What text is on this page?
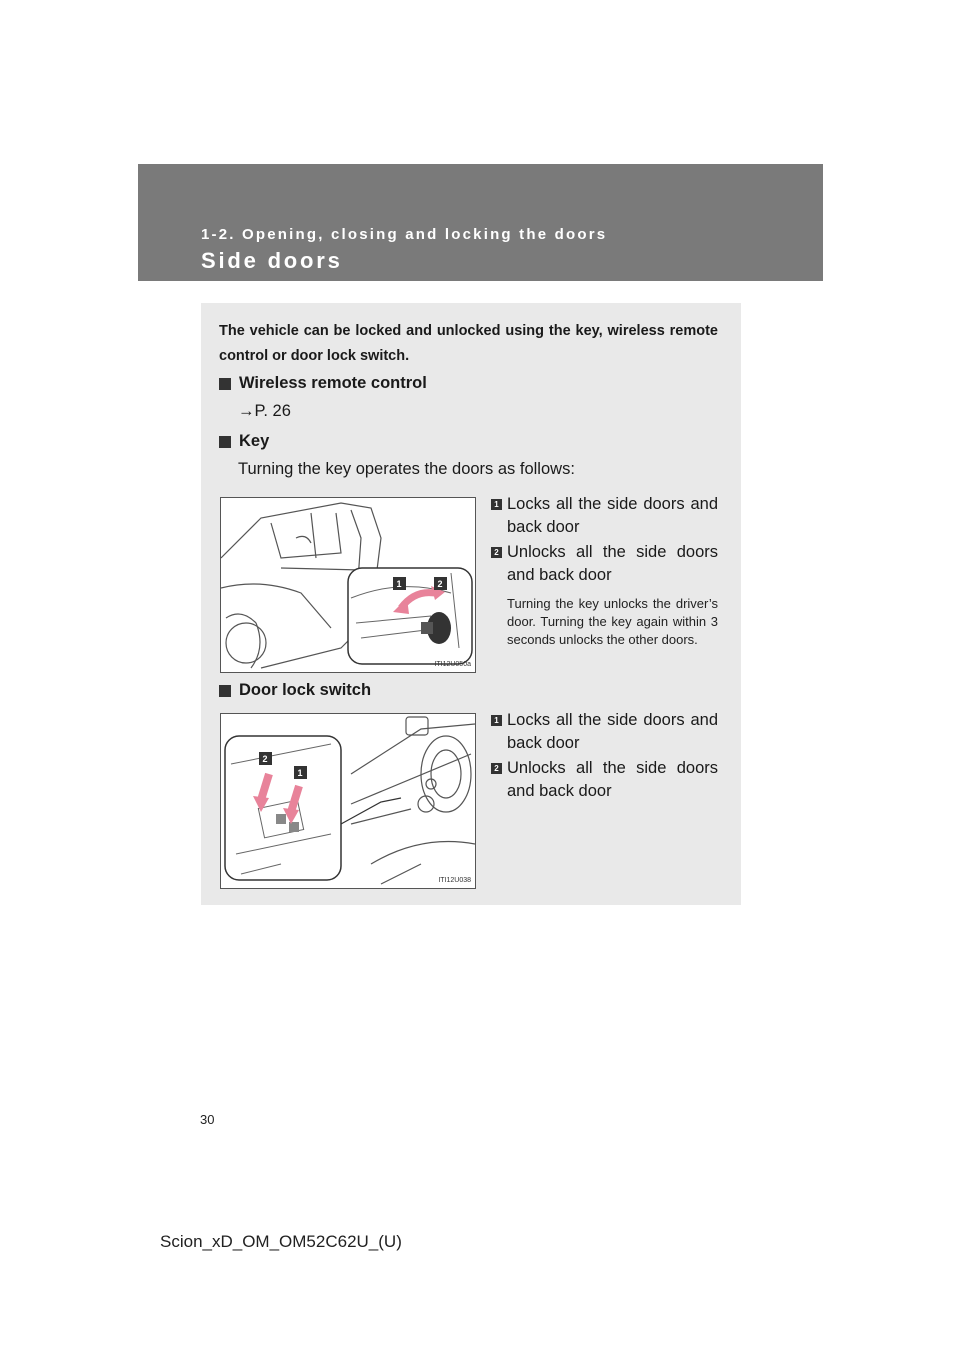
1-2. Opening, closing and locking the doors
Side doors
The vehicle can be locked and unlocked using the key, wireless remote control or door lock switch.
Wireless remote control
→P. 26
Key
Turning the key operates the doors as follows:
1	2
ITI12U050a
1 Locks all the side doors and back door
2 Unlocks all the side doors and back door
Turning the key unlocks the driver’s door. Turning the key again within 3 seconds unlocks the other doors.
Door lock switch
2
1
ITI12U038
1 Locks all the side doors and back door
2 Unlocks all the side doors and back door
30
Scion_xD_OM_OM52C62U_(U)
